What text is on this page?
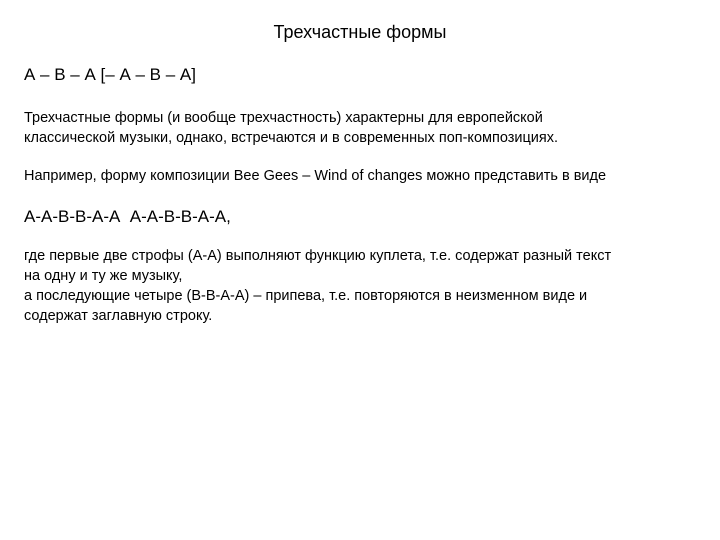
Трехчастные формы
А – В – А [– А – В – А]
Трехчастные формы (и вообще трехчастность) характерны для европейской
классической музыки, однако, встречаются и в современных поп-композициях.
Например, форму композиции Bee Gees – Wind of changes можно представить в виде
А-А-В-В-А-А  А-А-В-В-А-А,
где первые две строфы (А-А) выполняют функцию куплета, т.е. содержат разный текст
на одну и ту же музыку,
а последующие четыре (В-В-А-А) – припева, т.е. повторяются в неизменном виде и
содержат заглавную строку.
